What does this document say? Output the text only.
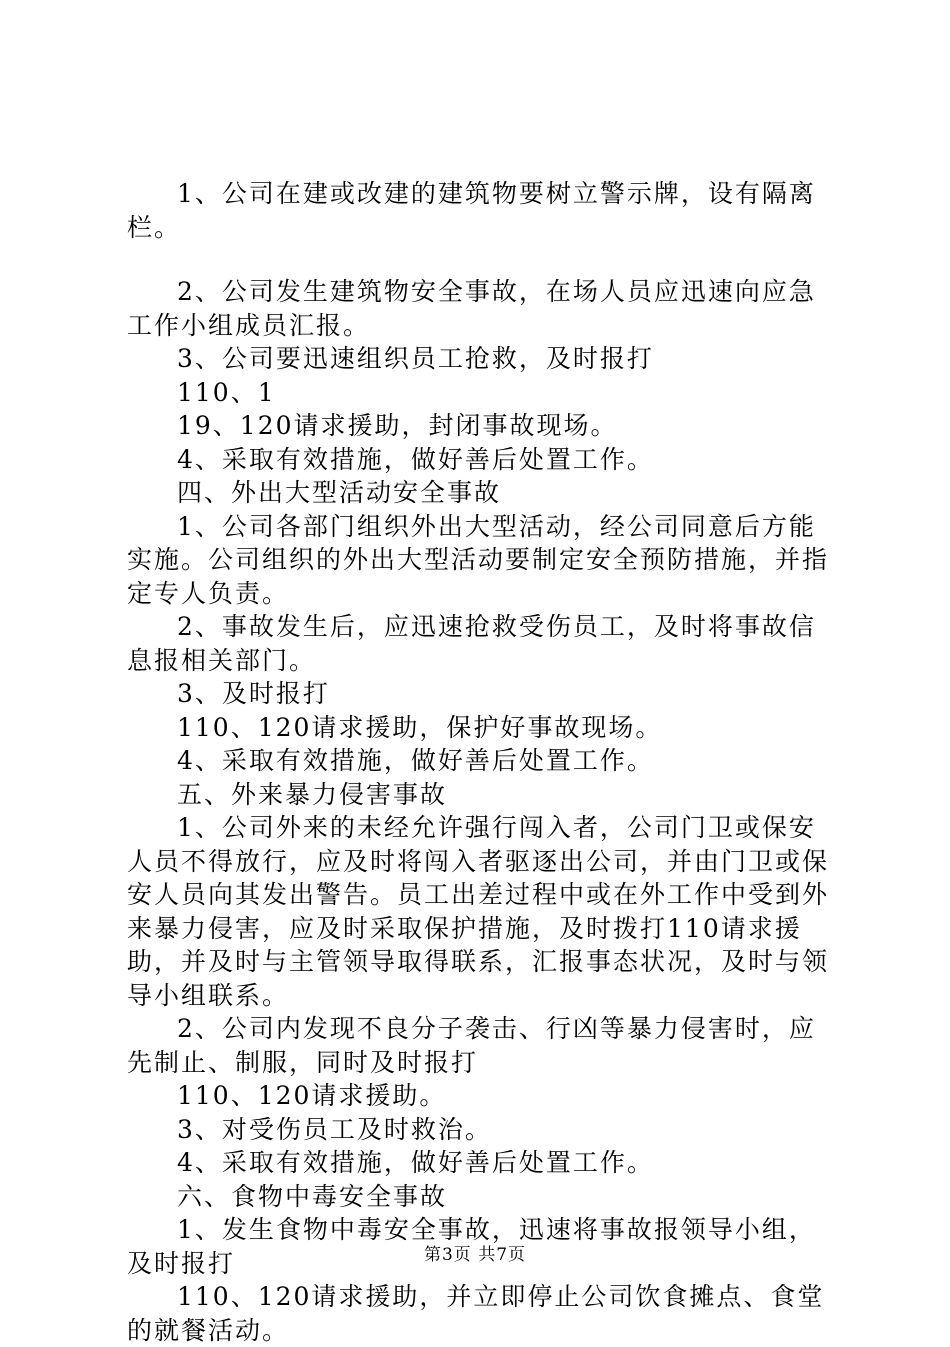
1、公司在建或改建的建筑物要树立警示牌，设有隔离栏。

2、公司发生建筑物安全事故，在场人员应迅速向应急工作小组成员汇报。

3、公司要迅速组织员工抢救，及时报打

110、1

19、120请求援助，封闭事故现场。

4、采取有效措施，做好善后处置工作。

四、外出大型活动安全事故

1、公司各部门组织外出大型活动，经公司同意后方能实施。公司组织的外出大型活动要制定安全预防措施，并指定专人负责。

2、事故发生后，应迅速抢救受伤员工，及时将事故信息报相关部门。

3、及时报打

110、120请求援助，保护好事故现场。

4、采取有效措施，做好善后处置工作。

五、外来暴力侵害事故

1、公司外来的未经允许强行闯入者，公司门卫或保安人员不得放行，应及时将闯入者驱逐出公司，并由门卫或保安人员向其发出警告。员工出差过程中或在外工作中受到外来暴力侵害，应及时采取保护措施，及时拨打110请求援助，并及时与主管领导取得联系，汇报事态状况，及时与领导小组联系。

2、公司内发现不良分子袭击、行凶等暴力侵害时，应先制止、制服，同时及时报打

110、120请求援助。

3、对受伤员工及时救治。

4、采取有效措施，做好善后处置工作。

六、食物中毒安全事故

1、发生食物中毒安全事故，迅速将事故报领导小组，及时报打

110、120请求援助，并立即停止公司饮食摊点、食堂的就餐活动。

第3页 共7页
